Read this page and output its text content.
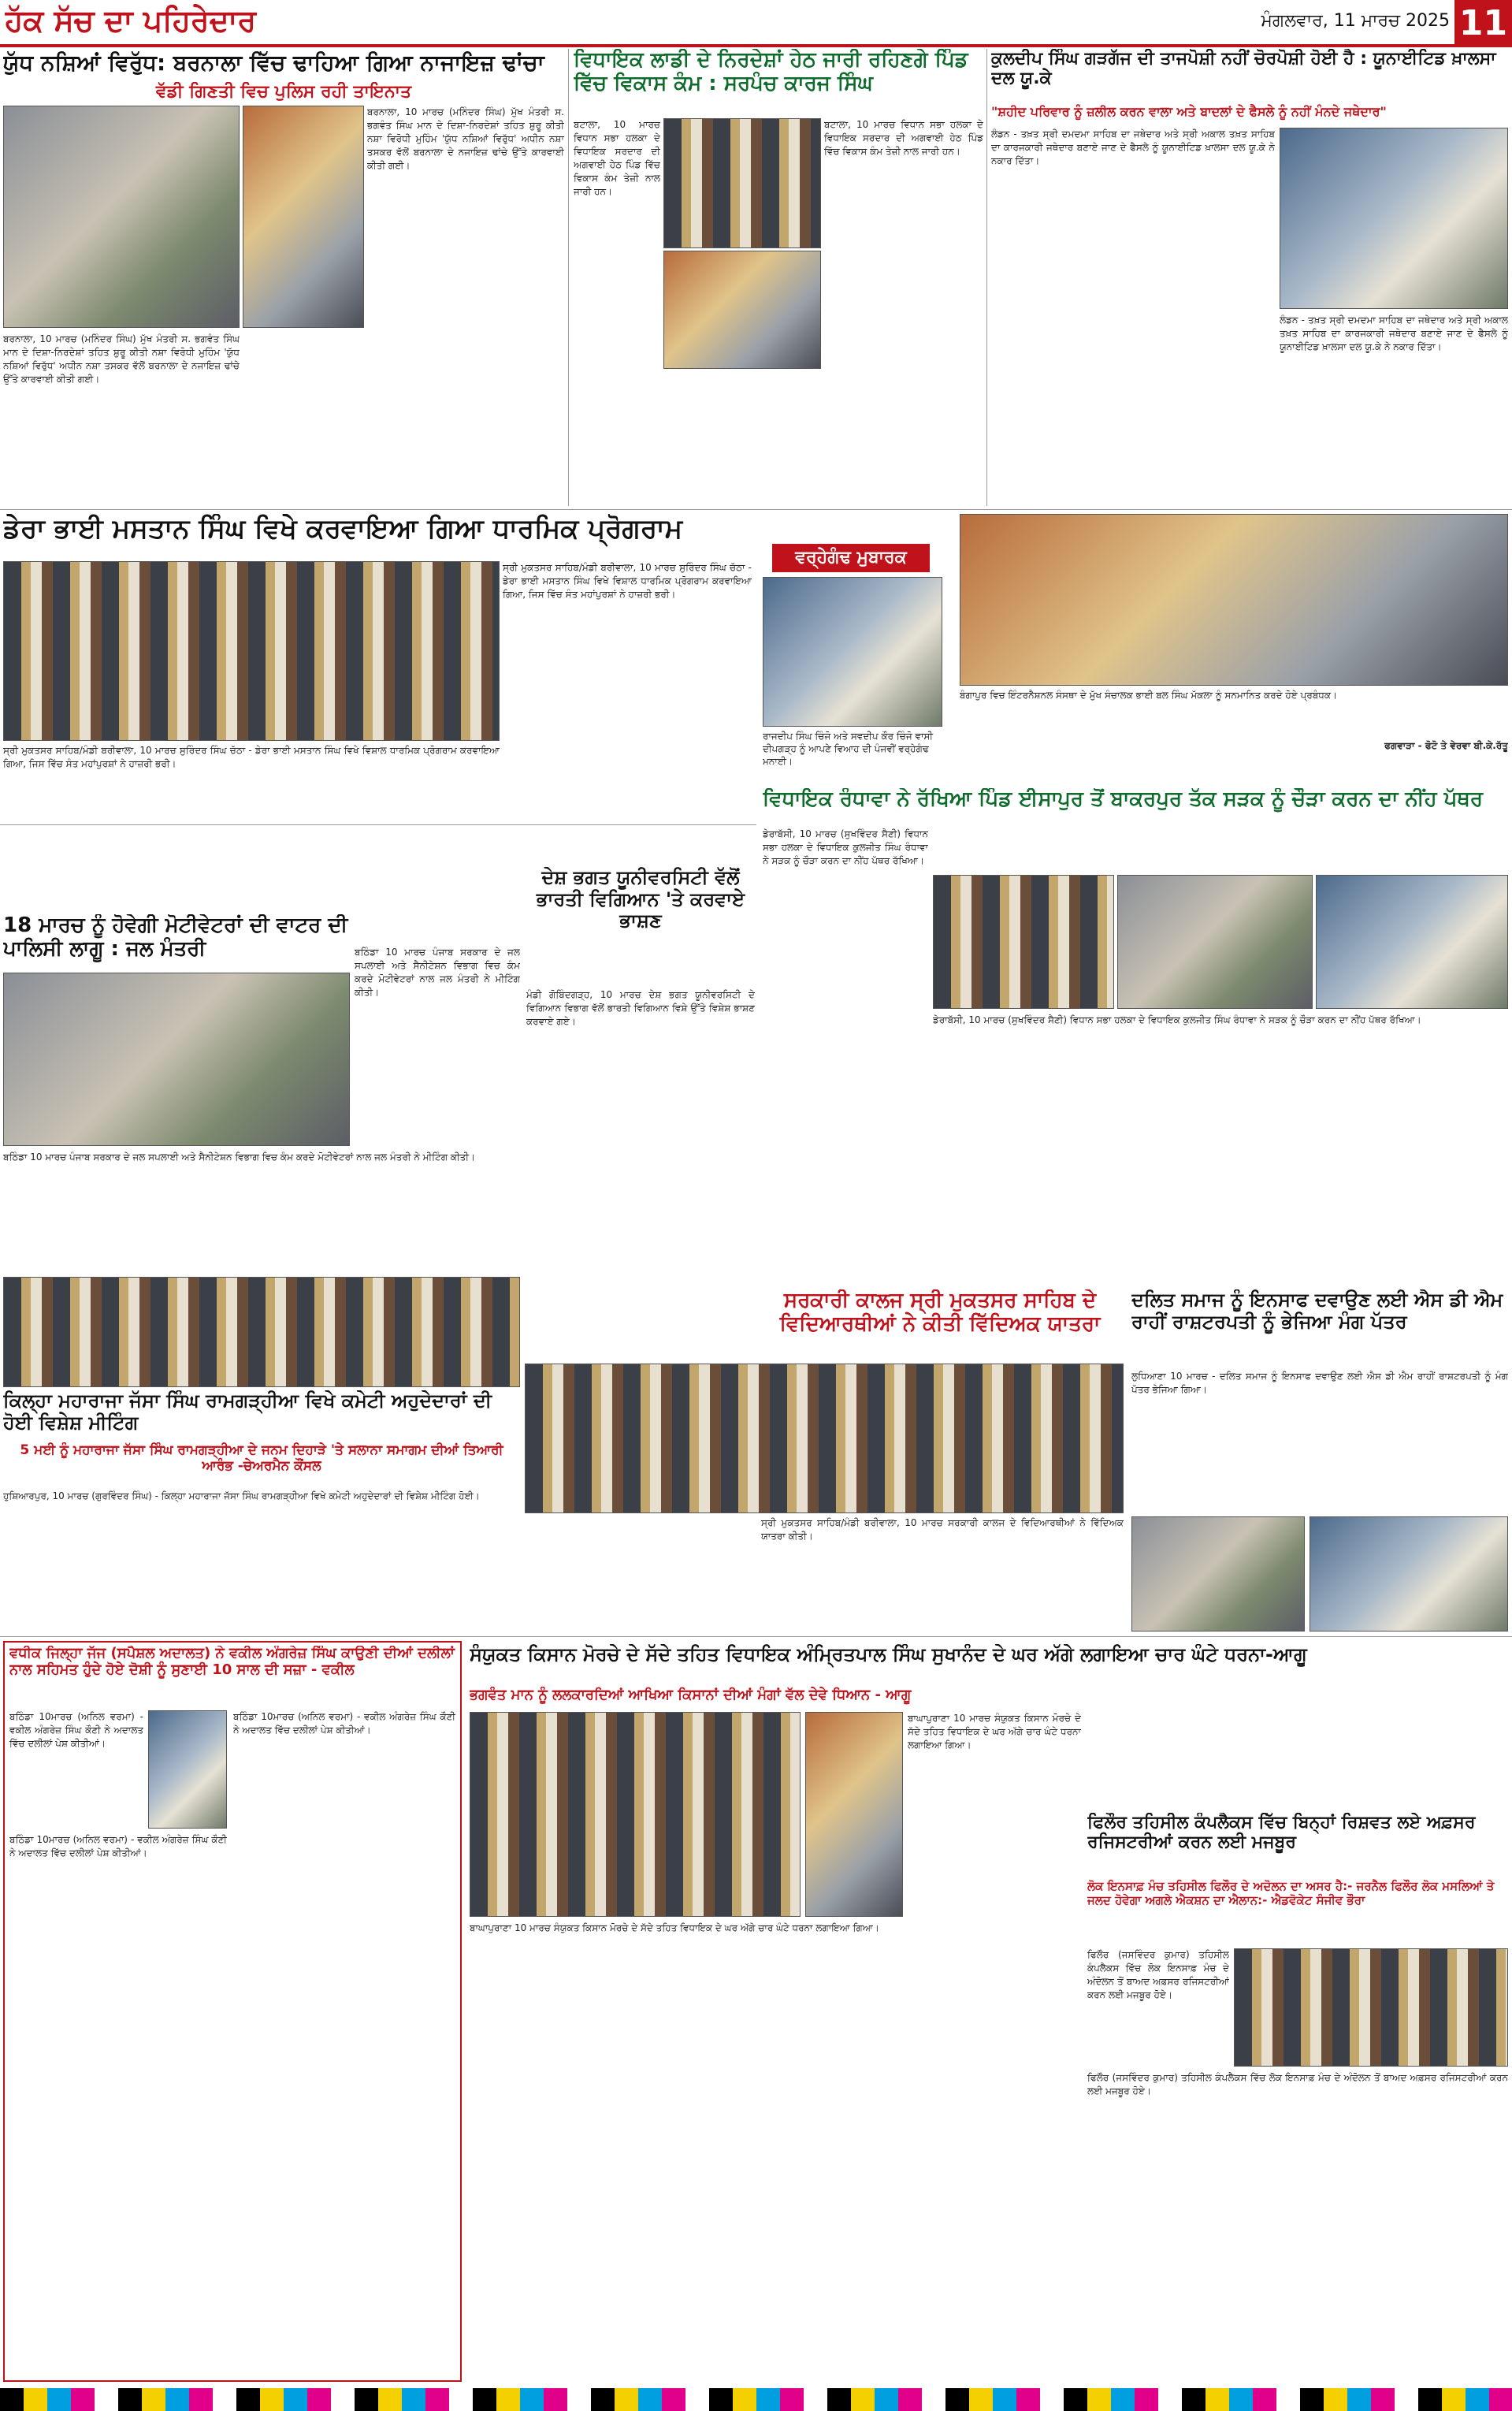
ਹੱਕ ਸੱਚ ਦਾ ਪਹਿਰੇਦਾਰ	ਮੰਗਲਵਾਰ, 11 ਮਾਰਚ 2025 11
ਯੁੱਧ ਨਸ਼ਿਆਂ ਵਿਰੁੱਧ: ਬਰਨਾਲਾ ਵਿੱਚ ਢਾਹਿਆ ਗਿਆ ਨਾਜਾਇਜ਼ ਢਾਂਚਾ
ਵੱਡੀ ਗਿਣਤੀ ਵਿਚ ਪੁਲਿਸ ਰਹੀ ਤਾਇਨਾਤ
ਬਰਨਾਲਾ, 10 ਮਾਰਚ (ਮਨਿੰਦਰ ਸਿੰਘ) ਮੁੱਖ ਮੰਤਰੀ ਸ. ਭਗਵੰਤ ਸਿੰਘ ਮਾਨ ਦੇ ਦਿਸ਼ਾ-ਨਿਰਦੇਸ਼ਾਂ ਤਹਿਤ ਸ਼ੁਰੂ ਕੀਤੀ ਨਸ਼ਾ ਵਿਰੋਧੀ ਮੁਹਿੰਮ 'ਯੁੱਧ ਨਸ਼ਿਆਂ ਵਿਰੁੱਧ' ਅਧੀਨ ਨਸ਼ਾ ਤਸਕਰ ਵੱਲੋਂ ਬਰਨਾਲਾ ਦੇ ਨਜਾਇਜ਼ ਢਾਂਚੇ ਉੱਤੇ ਕਾਰਵਾਈ ਕੀਤੀ ਗਈ।
ਬਰਨਾਲਾ, 10 ਮਾਰਚ (ਮਨਿੰਦਰ ਸਿੰਘ) ਮੁੱਖ ਮੰਤਰੀ ਸ. ਭਗਵੰਤ ਸਿੰਘ ਮਾਨ ਦੇ ਦਿਸ਼ਾ-ਨਿਰਦੇਸ਼ਾਂ ਤਹਿਤ ਸ਼ੁਰੂ ਕੀਤੀ ਨਸ਼ਾ ਵਿਰੋਧੀ ਮੁਹਿੰਮ 'ਯੁੱਧ ਨਸ਼ਿਆਂ ਵਿਰੁੱਧ' ਅਧੀਨ ਨਸ਼ਾ ਤਸਕਰ ਵੱਲੋਂ ਬਰਨਾਲਾ ਦੇ ਨਜਾਇਜ਼ ਢਾਂਚੇ ਉੱਤੇ ਕਾਰਵਾਈ ਕੀਤੀ ਗਈ।
ਵਿਧਾਇਕ ਲਾਡੀ ਦੇ ਨਿਰਦੇਸ਼ਾਂ ਹੇਠ ਜਾਰੀ ਰਹਿਣਗੇ ਪਿੰਡ ਵਿੱਚ ਵਿਕਾਸ ਕੰਮ : ਸਰਪੰਚ ਕਾਰਜ ਸਿੰਘ
ਬਟਾਲਾ, 10 ਮਾਰਚ ਵਿਧਾਨ ਸਭਾ ਹਲਕਾ ਦੇ ਵਿਧਾਇਕ ਸਰਦਾਰ ਦੀ ਅਗਵਾਈ ਹੇਠ ਪਿੰਡ ਵਿੱਚ ਵਿਕਾਸ ਕੰਮ ਤੇਜ਼ੀ ਨਾਲ ਜਾਰੀ ਹਨ।
ਬਟਾਲਾ, 10 ਮਾਰਚ ਵਿਧਾਨ ਸਭਾ ਹਲਕਾ ਦੇ ਵਿਧਾਇਕ ਸਰਦਾਰ ਦੀ ਅਗਵਾਈ ਹੇਠ ਪਿੰਡ ਵਿੱਚ ਵਿਕਾਸ ਕੰਮ ਤੇਜ਼ੀ ਨਾਲ ਜਾਰੀ ਹਨ।
ਕੁਲਦੀਪ ਸਿੰਘ ਗੜਗੱਜ ਦੀ ਤਾਜਪੋਸ਼ੀ ਨਹੀਂ ਚੋਰਪੋਸ਼ੀ ਹੋਈ ਹੈ : ਯੂਨਾਈਟਿਡ ਖ਼ਾਲਸਾ ਦਲ ਯੂ.ਕੇ
"ਸ਼ਹੀਦ ਪਰਿਵਾਰ ਨੂੰ ਜ਼ਲੀਲ ਕਰਨ ਵਾਲਾ ਅਤੇ ਬਾਦਲਾਂ ਦੇ ਫੈਸਲੇ ਨੂੰ ਨਹੀਂ ਮੰਨਦੇ ਜਥੇਦਾਰ"
ਲੰਡਨ - ਤਖ਼ਤ ਸ੍ਰੀ ਦਮਦਮਾ ਸਾਹਿਬ ਦਾ ਜਥੇਦਾਰ ਅਤੇ ਸ੍ਰੀ ਅਕਾਲ ਤਖ਼ਤ ਸਾਹਿਬ ਦਾ ਕਾਰਜਕਾਰੀ ਜਥੇਦਾਰ ਬਣਾਏ ਜਾਣ ਦੇ ਫੈਸਲੇ ਨੂੰ ਯੂਨਾਈਟਿਡ ਖ਼ਾਲਸਾ ਦਲ ਯੂ.ਕੇ ਨੇ ਨਕਾਰ ਦਿੱਤਾ।
ਲੰਡਨ - ਤਖ਼ਤ ਸ੍ਰੀ ਦਮਦਮਾ ਸਾਹਿਬ ਦਾ ਜਥੇਦਾਰ ਅਤੇ ਸ੍ਰੀ ਅਕਾਲ ਤਖ਼ਤ ਸਾਹਿਬ ਦਾ ਕਾਰਜਕਾਰੀ ਜਥੇਦਾਰ ਬਣਾਏ ਜਾਣ ਦੇ ਫੈਸਲੇ ਨੂੰ ਯੂਨਾਈਟਿਡ ਖ਼ਾਲਸਾ ਦਲ ਯੂ.ਕੇ ਨੇ ਨਕਾਰ ਦਿੱਤਾ।
ਡੇਰਾ ਭਾਈ ਮਸਤਾਨ ਸਿੰਘ ਵਿਖੇ ਕਰਵਾਇਆ ਗਿਆ ਧਾਰਮਿਕ ਪ੍ਰੋਗਰਾਮ
ਸ੍ਰੀ ਮੁਕਤਸਰ ਸਾਹਿਬ/ਮੰਡੀ ਬਰੀਵਾਲਾ, 10 ਮਾਰਚ ਸੁਰਿੰਦਰ ਸਿੰਘ ਚੱਠਾ - ਡੇਰਾ ਭਾਈ ਮਸਤਾਨ ਸਿੰਘ ਵਿਖੇ ਵਿਸ਼ਾਲ ਧਾਰਮਿਕ ਪ੍ਰੋਗਰਾਮ ਕਰਵਾਇਆ ਗਿਆ, ਜਿਸ ਵਿੱਚ ਸੰਤ ਮਹਾਂਪੁਰਸ਼ਾਂ ਨੇ ਹਾਜ਼ਰੀ ਭਰੀ।
ਸ੍ਰੀ ਮੁਕਤਸਰ ਸਾਹਿਬ/ਮੰਡੀ ਬਰੀਵਾਲਾ, 10 ਮਾਰਚ ਸੁਰਿੰਦਰ ਸਿੰਘ ਚੱਠਾ - ਡੇਰਾ ਭਾਈ ਮਸਤਾਨ ਸਿੰਘ ਵਿਖੇ ਵਿਸ਼ਾਲ ਧਾਰਮਿਕ ਪ੍ਰੋਗਰਾਮ ਕਰਵਾਇਆ ਗਿਆ, ਜਿਸ ਵਿੱਚ ਸੰਤ ਮਹਾਂਪੁਰਸ਼ਾਂ ਨੇ ਹਾਜ਼ਰੀ ਭਰੀ।
ਵਰ੍ਹੇਗੰਢ ਮੁਬਾਰਕ
ਰਾਜਦੀਪ ਸਿੰਘ ਚਿੰਜੋ ਅਤੇ ਸਵਦੀਪ ਕੌਰ ਚਿੰਜੋ ਵਾਸੀ ਦੀਪਗੜ੍ਹ ਨੂੰ ਆਪਣੇ ਵਿਆਹ ਦੀ ਪੰਜਵੀਂ ਵਰ੍ਹੇਗੰਢ ਮਨਾਈ।
ਬੰਗਾਪੁਰ ਵਿਚ ਇੰਟਰਨੈਸ਼ਨਲ ਸੰਸਥਾ ਦੇ ਮੁੱਖ ਸੰਚਾਲਕ ਭਾਈ ਬਲ ਸਿੰਘ ਮੱਕਲਾ ਨੂੰ ਸਨਮਾਨਿਤ ਕਰਦੇ ਹੋਏ ਪ੍ਰਬੰਧਕ।
ਫਗਵਾੜਾ - ਫੋਟੋ ਤੇ ਵੇਰਵਾ ਬੀ.ਕੇ.ਰੱਤੂ
ਵਿਧਾਇਕ ਰੰਧਾਵਾ ਨੇ ਰੱਖਿਆ ਪਿੰਡ ਈਸਾਪੁਰ ਤੋਂ ਬਾਕਰਪੁਰ ਤੱਕ ਸੜਕ ਨੂੰ ਚੌੜਾ ਕਰਨ ਦਾ ਨੀਂਹ ਪੱਥਰ
ਡੇਰਾਬੱਸੀ, 10 ਮਾਰਚ (ਸੁਖਵਿੰਦਰ ਸੈਣੀ) ਵਿਧਾਨ ਸਭਾ ਹਲਕਾ ਦੇ ਵਿਧਾਇਕ ਕੁਲਜੀਤ ਸਿੰਘ ਰੰਧਾਵਾ ਨੇ ਸੜਕ ਨੂੰ ਚੌੜਾ ਕਰਨ ਦਾ ਨੀਂਹ ਪੱਥਰ ਰੱਖਿਆ।
ਡੇਰਾਬੱਸੀ, 10 ਮਾਰਚ (ਸੁਖਵਿੰਦਰ ਸੈਣੀ) ਵਿਧਾਨ ਸਭਾ ਹਲਕਾ ਦੇ ਵਿਧਾਇਕ ਕੁਲਜੀਤ ਸਿੰਘ ਰੰਧਾਵਾ ਨੇ ਸੜਕ ਨੂੰ ਚੌੜਾ ਕਰਨ ਦਾ ਨੀਂਹ ਪੱਥਰ ਰੱਖਿਆ।
18 ਮਾਰਚ ਨੂੰ ਹੋਵੇਗੀ ਮੋਟੀਵੇਟਰਾਂ ਦੀ ਵਾਟਰ ਦੀ ਪਾਲਿਸੀ ਲਾਗੂ : ਜਲ ਮੰਤਰੀ	ਬਠਿੰਡਾ 10 ਮਾਰਚ ਪੰਜਾਬ ਸਰਕਾਰ ਦੇ ਜਲ ਸਪਲਾਈ ਅਤੇ ਸੈਨੀਟੇਸ਼ਨ ਵਿਭਾਗ ਵਿਚ ਕੰਮ ਕਰਦੇ ਮੋਟੀਵੇਟਰਾਂ ਨਾਲ ਜਲ ਮੰਤਰੀ ਨੇ ਮੀਟਿੰਗ ਕੀਤੀ।
ਬਠਿੰਡਾ 10 ਮਾਰਚ ਪੰਜਾਬ ਸਰਕਾਰ ਦੇ ਜਲ ਸਪਲਾਈ ਅਤੇ ਸੈਨੀਟੇਸ਼ਨ ਵਿਭਾਗ ਵਿਚ ਕੰਮ ਕਰਦੇ ਮੋਟੀਵੇਟਰਾਂ ਨਾਲ ਜਲ ਮੰਤਰੀ ਨੇ ਮੀਟਿੰਗ ਕੀਤੀ।
ਦੇਸ਼ ਭਗਤ ਯੂਨੀਵਰਸਿਟੀ ਵੱਲੋਂ ਭਾਰਤੀ ਵਿਗਿਆਨ 'ਤੇ ਕਰਵਾਏ ਭਾਸ਼ਣ
ਮੰਡੀ ਗੋਬਿੰਦਗੜ੍ਹ, 10 ਮਾਰਚ ਦੇਸ਼ ਭਗਤ ਯੂਨੀਵਰਸਿਟੀ ਦੇ ਵਿਗਿਆਨ ਵਿਭਾਗ ਵੱਲੋਂ ਭਾਰਤੀ ਵਿਗਿਆਨ ਵਿਸ਼ੇ ਉੱਤੇ ਵਿਸ਼ੇਸ਼ ਭਾਸ਼ਣ ਕਰਵਾਏ ਗਏ।
ਕਿਲ੍ਹਾ ਮਹਾਰਾਜਾ ਜੱਸਾ ਸਿੰਘ ਰਾਮਗੜ੍ਹੀਆ ਵਿਖੇ ਕਮੇਟੀ ਅਹੁਦੇਦਾਰਾਂ ਦੀ ਹੋਈ ਵਿਸ਼ੇਸ਼ ਮੀਟਿੰਗ
5 ਮਈ ਨੂੰ ਮਹਾਰਾਜਾ ਜੱਸਾ ਸਿੰਘ ਰਾਮਗੜ੍ਹੀਆ ਦੇ ਜਨਮ ਦਿਹਾੜੇ 'ਤੇ ਸਲਾਨਾ ਸਮਾਗਮ ਦੀਆਂ ਤਿਆਰੀ ਆਰੰਭ -ਚੇਅਰਮੈਨ ਕੌਂਸਲ
ਹੁਸ਼ਿਆਰਪੁਰ, 10 ਮਾਰਚ (ਗੁਰਵਿੰਦਰ ਸਿੰਘ) - ਕਿਲ੍ਹਾ ਮਹਾਰਾਜਾ ਜੱਸਾ ਸਿੰਘ ਰਾਮਗੜ੍ਹੀਆ ਵਿਖੇ ਕਮੇਟੀ ਅਹੁਦੇਦਾਰਾਂ ਦੀ ਵਿਸ਼ੇਸ਼ ਮੀਟਿੰਗ ਹੋਈ।
ਸਰਕਾਰੀ ਕਾਲਜ ਸ੍ਰੀ ਮੁਕਤਸਰ ਸਾਹਿਬ ਦੇ ਵਿਦਿਆਰਥੀਆਂ ਨੇ ਕੀਤੀ ਵਿੱਦਿਅਕ ਯਾਤਰਾ
ਸ੍ਰੀ ਮੁਕਤਸਰ ਸਾਹਿਬ/ਮੰਡੀ ਬਰੀਵਾਲਾ, 10 ਮਾਰਚ ਸਰਕਾਰੀ ਕਾਲਜ ਦੇ ਵਿਦਿਆਰਥੀਆਂ ਨੇ ਵਿੱਦਿਅਕ ਯਾਤਰਾ ਕੀਤੀ।
ਦਲਿਤ ਸਮਾਜ ਨੂੰ ਇਨਸਾਫ ਦਵਾਉਣ ਲਈ ਐਸ ਡੀ ਐਮ ਰਾਹੀਂ ਰਾਸ਼ਟਰਪਤੀ ਨੂੰ ਭੇਜਿਆ ਮੰਗ ਪੱਤਰ
ਲੁਧਿਆਣਾ 10 ਮਾਰਚ - ਦਲਿਤ ਸਮਾਜ ਨੂੰ ਇਨਸਾਫ ਦਵਾਉਣ ਲਈ ਐਸ ਡੀ ਐਮ ਰਾਹੀਂ ਰਾਸ਼ਟਰਪਤੀ ਨੂੰ ਮੰਗ ਪੱਤਰ ਭੇਜਿਆ ਗਿਆ।
ਵਧੀਕ ਜਿਲ੍ਹਾ ਜੱਜ (ਸਪੈਸ਼ਲ ਅਦਾਲਤ) ਨੇ ਵਕੀਲ ਅੰਗਰੇਜ਼ ਸਿੰਘ ਕਾਉਣੀ ਦੀਆਂ ਦਲੀਲਾਂ ਨਾਲ ਸਹਿਮਤ ਹੁੰਦੇ ਹੋਏ ਦੋਸ਼ੀ ਨੂੰ ਸੁਣਾਈ 10 ਸਾਲ ਦੀ ਸਜ਼ਾ - ਵਕੀਲ
ਬਠਿੰਡਾ 10ਮਾਰਚ (ਅਨਿਲ ਵਰਮਾ) - ਵਕੀਲ ਅੰਗਰੇਜ਼ ਸਿੰਘ ਕੌਣੀ ਨੇ ਅਦਾਲਤ ਵਿੱਚ ਦਲੀਲਾਂ ਪੇਸ਼ ਕੀਤੀਆਂ।
ਬਠਿੰਡਾ 10ਮਾਰਚ (ਅਨਿਲ ਵਰਮਾ) - ਵਕੀਲ ਅੰਗਰੇਜ਼ ਸਿੰਘ ਕੌਣੀ ਨੇ ਅਦਾਲਤ ਵਿੱਚ ਦਲੀਲਾਂ ਪੇਸ਼ ਕੀਤੀਆਂ।
ਬਠਿੰਡਾ 10ਮਾਰਚ (ਅਨਿਲ ਵਰਮਾ) - ਵਕੀਲ ਅੰਗਰੇਜ਼ ਸਿੰਘ ਕੌਣੀ ਨੇ ਅਦਾਲਤ ਵਿੱਚ ਦਲੀਲਾਂ ਪੇਸ਼ ਕੀਤੀਆਂ।
ਸੰਯੁਕਤ ਕਿਸਾਨ ਮੋਰਚੇ ਦੇ ਸੱਦੇ ਤਹਿਤ ਵਿਧਾਇਕ ਅੰਮ੍ਰਿਤਪਾਲ ਸਿੰਘ ਸੁਖਾਨੰਦ ਦੇ ਘਰ ਅੱਗੇ ਲਗਾਇਆ ਚਾਰ ਘੰਟੇ ਧਰਨਾ-ਆਗੂ
ਭਗਵੰਤ ਮਾਨ ਨੂੰ ਲਲਕਾਰਦਿਆਂ ਆਖਿਆ ਕਿਸਾਨਾਂ ਦੀਆਂ ਮੰਗਾਂ ਵੱਲ ਦੇਵੇ ਧਿਆਨ - ਆਗੂ
ਬਾਘਾਪੁਰਾਣਾ 10 ਮਾਰਚ ਸੰਯੁਕਤ ਕਿਸਾਨ ਮੋਰਚੇ ਦੇ ਸੱਦੇ ਤਹਿਤ ਵਿਧਾਇਕ ਦੇ ਘਰ ਅੱਗੇ ਚਾਰ ਘੰਟੇ ਧਰਨਾ ਲਗਾਇਆ ਗਿਆ।
ਬਾਘਾਪੁਰਾਣਾ 10 ਮਾਰਚ ਸੰਯੁਕਤ ਕਿਸਾਨ ਮੋਰਚੇ ਦੇ ਸੱਦੇ ਤਹਿਤ ਵਿਧਾਇਕ ਦੇ ਘਰ ਅੱਗੇ ਚਾਰ ਘੰਟੇ ਧਰਨਾ ਲਗਾਇਆ ਗਿਆ।
ਫਿਲੌਰ ਤਹਿਸੀਲ ਕੰਪਲੈਕਸ ਵਿੱਚ ਬਿਨ੍ਹਾਂ ਰਿਸ਼ਵਤ ਲਏ ਅਫ਼ਸਰ ਰਜਿਸਟਰੀਆਂ ਕਰਨ ਲਈ ਮਜਬੂਰ
ਲੋਕ ਇਨਸਾਫ਼ ਮੰਚ ਤਹਿਸੀਲ ਫਿਲੌਰ ਦੇ ਅਦੋਲਨ ਦਾ ਅਸਰ ਹੈ:- ਜਰਨੈਲ ਫਿਲੌਰ ਲੋਕ ਮਸਲਿਆਂ ਤੇ ਜਲਦ ਹੋਵੇਗਾ ਅਗਲੇ ਐਕਸ਼ਨ ਦਾ ਐਲਾਨ:- ਐਡਵੋਕੇਟ ਸੰਜੀਵ ਭੌਰਾ
ਫਿਲੌਰ (ਜਸਵਿੰਦਰ ਕੁਮਾਰ) ਤਹਿਸੀਲ ਕੰਪਲੈਕਸ ਵਿੱਚ ਲੋਕ ਇਨਸਾਫ਼ ਮੰਚ ਦੇ ਅੰਦੋਲਨ ਤੋਂ ਬਾਅਦ ਅਫ਼ਸਰ ਰਜਿਸਟਰੀਆਂ ਕਰਨ ਲਈ ਮਜਬੂਰ ਹੋਏ।
ਫਿਲੌਰ (ਜਸਵਿੰਦਰ ਕੁਮਾਰ) ਤਹਿਸੀਲ ਕੰਪਲੈਕਸ ਵਿੱਚ ਲੋਕ ਇਨਸਾਫ਼ ਮੰਚ ਦੇ ਅੰਦੋਲਨ ਤੋਂ ਬਾਅਦ ਅਫ਼ਸਰ ਰਜਿਸਟਰੀਆਂ ਕਰਨ ਲਈ ਮਜਬੂਰ ਹੋਏ।
